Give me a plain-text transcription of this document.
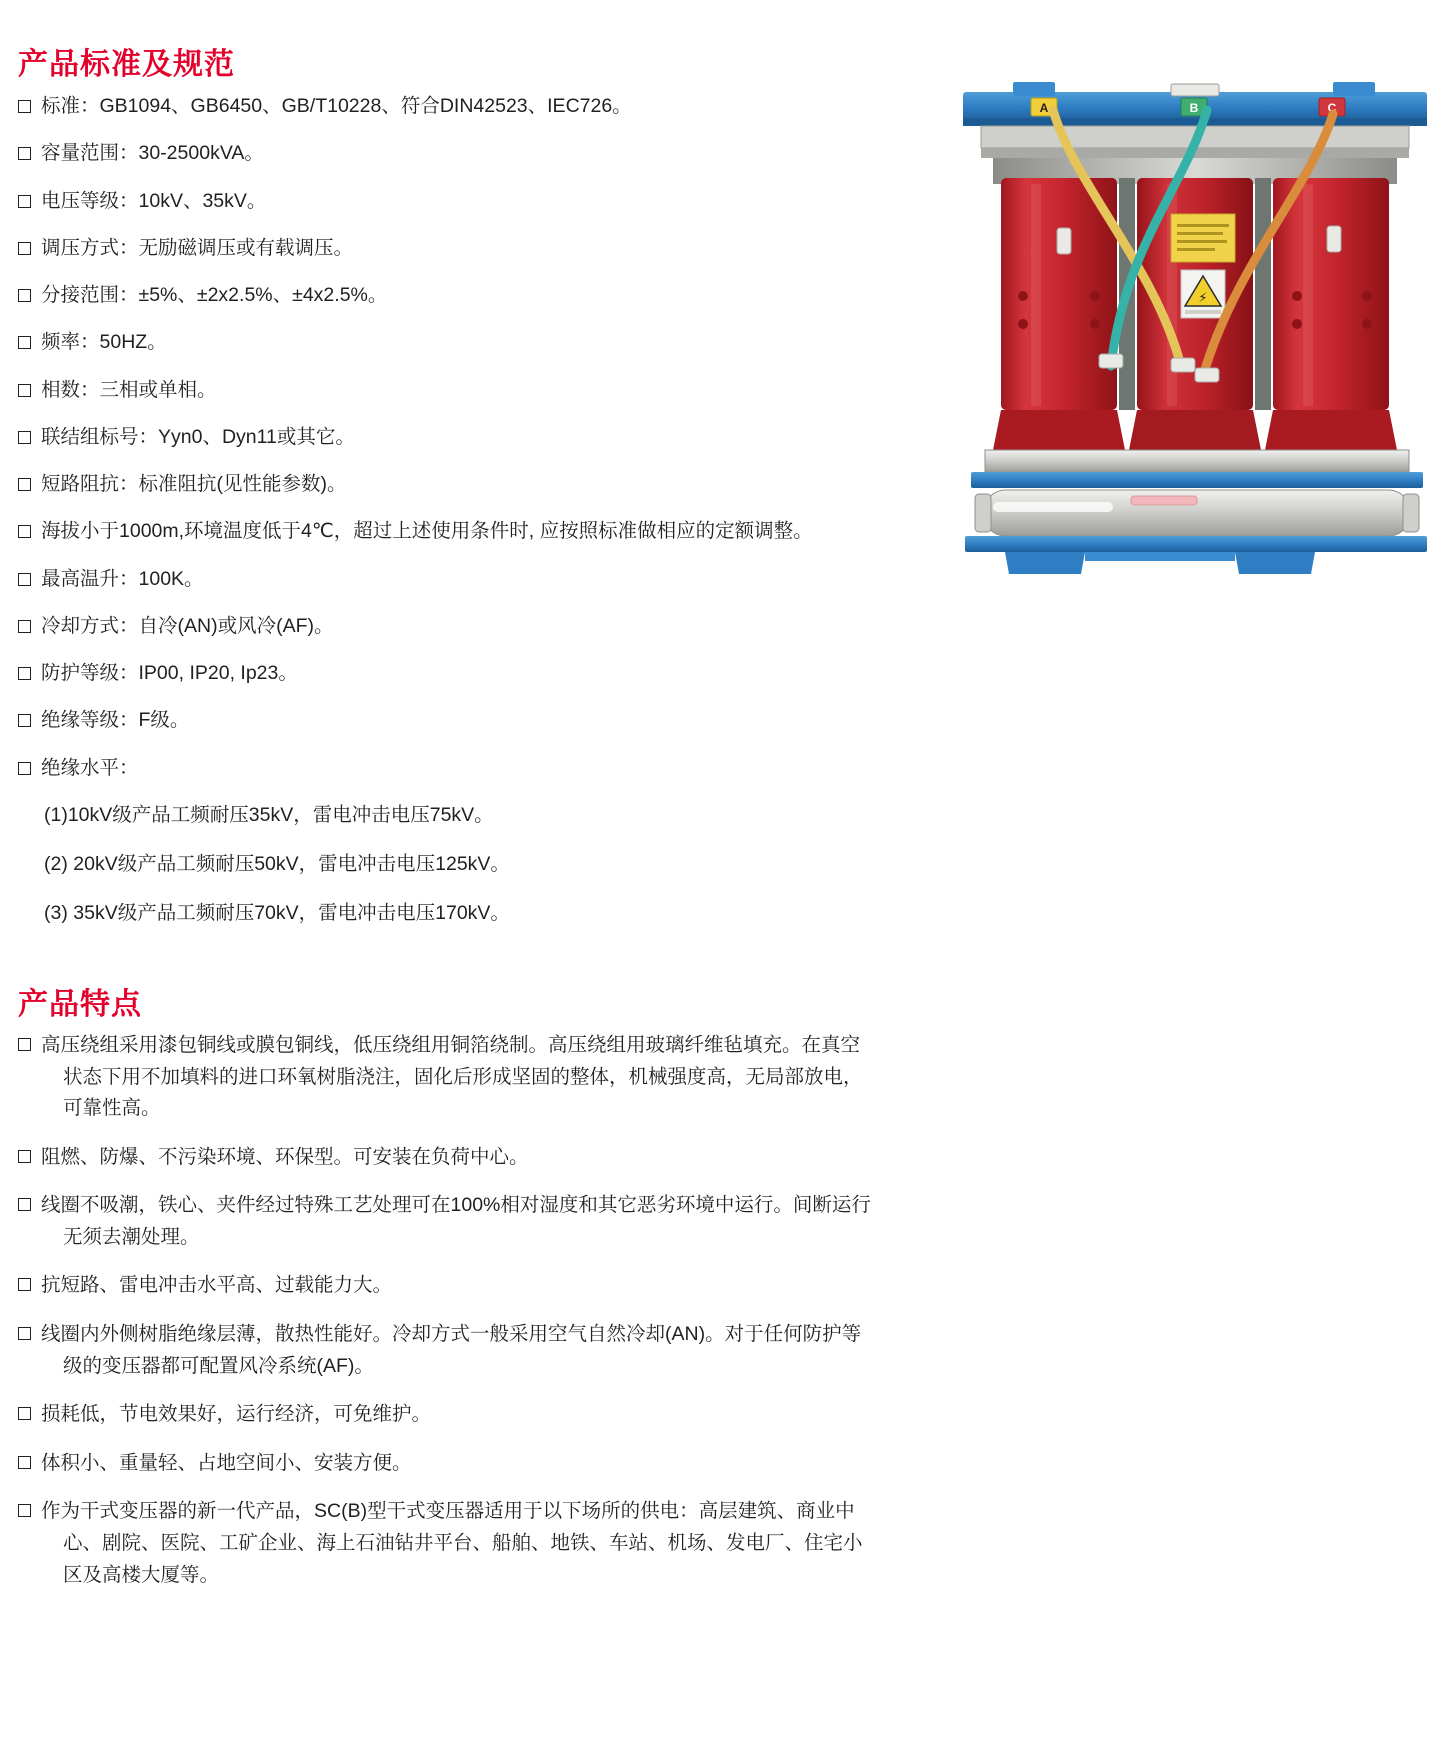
产品标准及规范
标准：GB1094、GB6450、GB/T10228、符合DIN42523、IEC726。
容量范围：30-2500kVA。
电压等级：10kV、35kV。
调压方式：无励磁调压或有载调压。
分接范围：±5%、±2x2.5%、±4x2.5%。
频率：50HZ。
相数：三相或单相。
联结组标号：Yyn0、Dyn11或其它。
短路阻抗：标准阻抗(见性能参数)。
海拔小于1000m,环境温度低于4℃，超过上述使用条件时, 应按照标准做相应的定额调整。
最高温升：100K。
冷却方式：自冷(AN)或风冷(AF)。
防护等级：IP00, IP20, Ip23。
绝缘等级：F级。
绝缘水平：
(1)10kV级产品工频耐压35kV，雷电冲击电压75kV。
(2) 20kV级产品工频耐压50kV，雷电冲击电压125kV。
(3) 35kV级产品工频耐压70kV，雷电冲击电压170kV。
产品特点
高压绕组采用漆包铜线或膜包铜线，低压绕组用铜箔绕制。高压绕组用玻璃纤维毡填充。在真空状态下用不加填料的进口环氧树脂浇注，固化后形成坚固的整体，机械强度高，无局部放电，可靠性高。
阻燃、防爆、不污染环境、环保型。可安装在负荷中心。
线圈不吸潮，铁心、夹件经过特殊工艺处理可在100%相对湿度和其它恶劣环境中运行。间断运行无须去潮处理。
抗短路、雷电冲击水平高、过载能力大。
线圈内外侧树脂绝缘层薄，散热性能好。冷却方式一般采用空气自然冷却(AN)。对于任何防护等级的变压器都可配置风冷系统(AF)。
损耗低，节电效果好，运行经济，可免维护。
体积小、重量轻、占地空间小、安装方便。
作为干式变压器的新一代产品，SC(B)型干式变压器适用于以下场所的供电：高层建筑、商业中心、剧院、医院、工矿企业、海上石油钻井平台、船舶、地铁、车站、机场、发电厂、住宅小区及高楼大厦等。
⚡
A	B	C
